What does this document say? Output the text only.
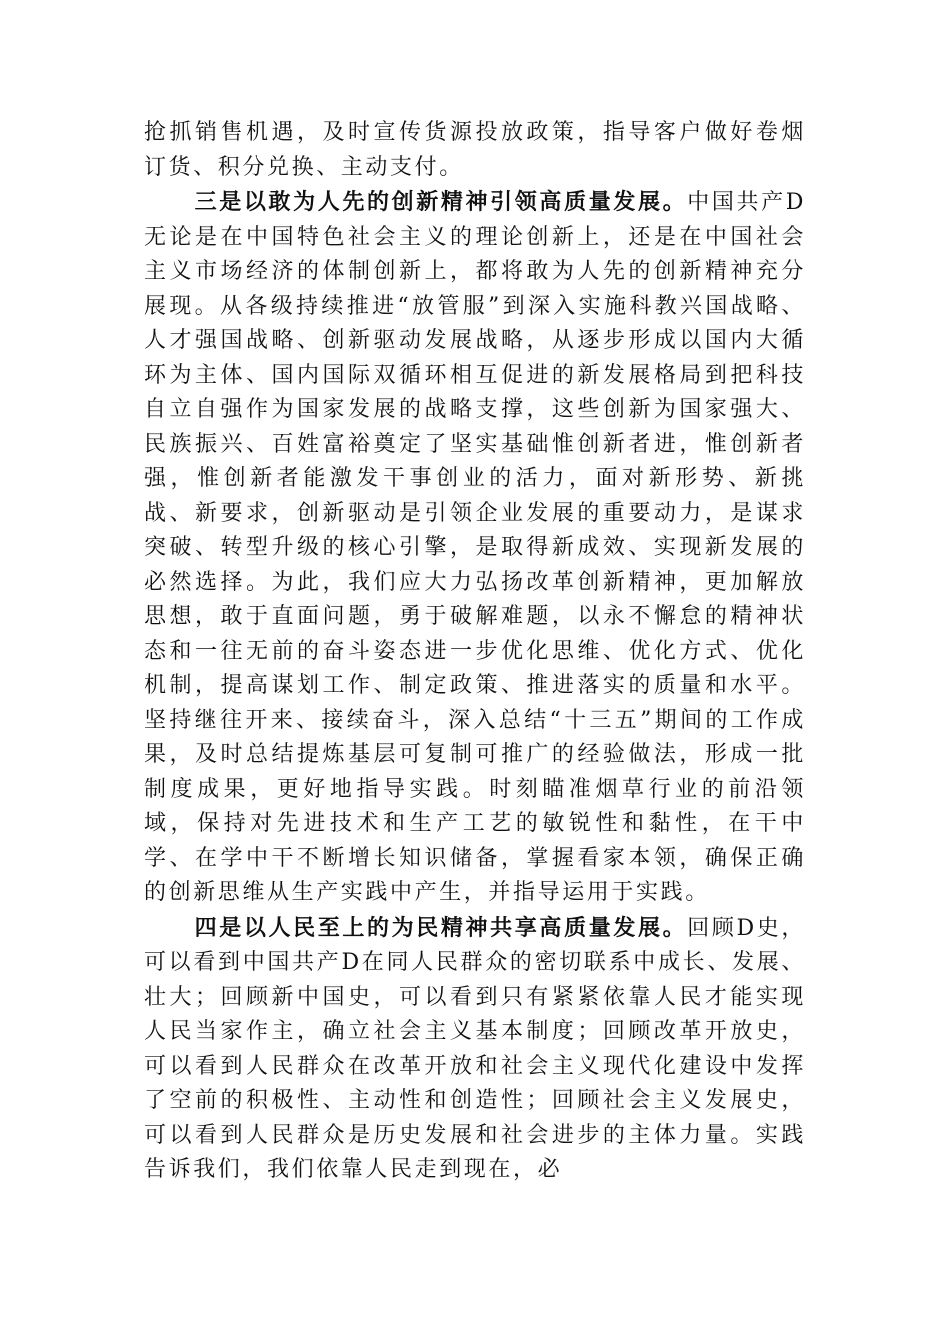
抢抓销售机遇，及时宣传货源投放政策，指导客户做好卷烟订货、积分兑换、主动支付。

三是以敢为人先的创新精神引领高质量发展。中国共产D无论是在中国特色社会主义的理论创新上，还是在中国社会主义市场经济的体制创新上，都将敢为人先的创新精神充分展现。从各级持续推进“放管服”到深入实施科教兴国战略、人才强国战略、创新驱动发展战略，从逐步形成以国内大循环为主体、国内国际双循环相互促进的新发展格局到把科技自立自强作为国家发展的战略支撑，这些创新为国家强大、民族振兴、百姓富裕奠定了坚实基础惟创新者进，惟创新者强，惟创新者能激发干事创业的活力，面对新形势、新挑战、新要求，创新驱动是引领企业发展的重要动力，是谋求突破、转型升级的核心引擎，是取得新成效、实现新发展的必然选择。为此，我们应大力弘扬改革创新精神，更加解放思想，敢于直面问题，勇于破解难题，以永不懈怠的精神状态和一往无前的奋斗姿态进一步优化思维、优化方式、优化机制，提高谋划工作、制定政策、推进落实的质量和水平。坚持继往开来、接续奋斗，深入总结“十三五”期间的工作成果，及时总结提炼基层可复制可推广的经验做法，形成一批制度成果，更好地指导实践。时刻瞄准烟草行业的前沿领域，保持对先进技术和生产工艺的敏锐性和黏性，在干中学、在学中干不断增长知识储备，掌握看家本领，确保正确的创新思维从生产实践中产生，并指导运用于实践。

四是以人民至上的为民精神共享高质量发展。回顾D史，可以看到中国共产D在同人民群众的密切联系中成长、发展、壮大；回顾新中国史，可以看到只有紧紧依靠人民才能实现人民当家作主，确立社会主义基本制度；回顾改革开放史，可以看到人民群众在改革开放和社会主义现代化建设中发挥了空前的积极性、主动性和创造性；回顾社会主义发展史，可以看到人民群众是历史发展和社会进步的主体力量。实践告诉我们，我们依靠人民走到现在，必
